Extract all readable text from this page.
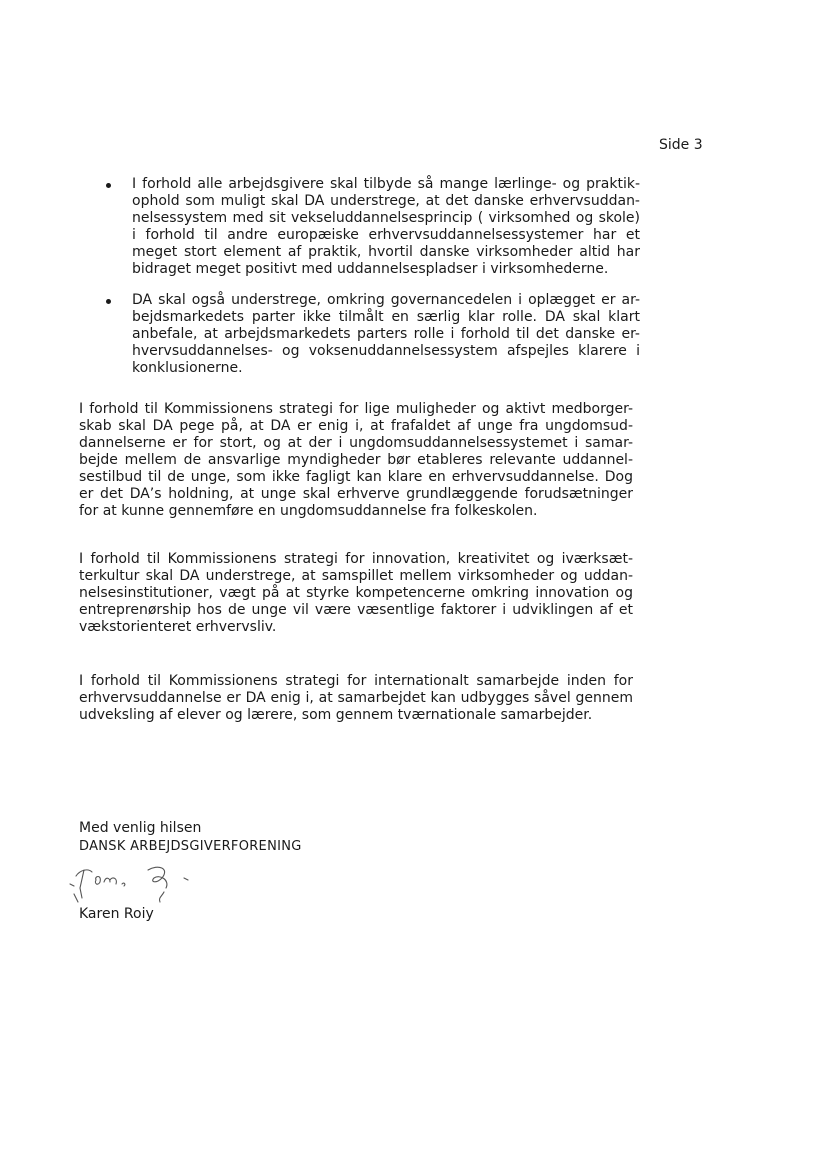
Side 3
I forhold alle arbejdsgivere skal tilbyde så mange lærlinge- og praktik-ophold som muligt skal DA understrege, at det danske erhvervsuddan-nelsessystem med sit vekseluddannelsesprincip ( virksomhed og skole) i forhold til andre europæiske erhvervsuddannelsessystemer har et meget stort element af praktik, hvortil danske virksomheder altid har bidraget meget positivt med uddannelsespladser i virksomhederne.
DA skal også understrege, omkring governancedelen i oplægget er ar-bejdsmarkedets parter ikke tilmålt en særlig klar rolle. DA skal klart anbefale, at arbejdsmarkedets parters rolle i forhold til det danske er-hvervsuddannelses- og voksenuddannelsessystem afspejles klarere i konklusionerne.

I forhold til Kommissionens strategi for lige muligheder og aktivt medborger-skab skal DA pege på, at DA er enig i, at frafaldet af unge fra ungdomsud-dannelserne er for stort, og at der i ungdomsuddannelsessystemet i samar-bejde mellem de ansvarlige myndigheder bør etableres relevante uddannel-sestilbud til de unge, som ikke fagligt kan klare en erhvervsuddannelse. Dog er det DA’s holdning, at unge skal erhverve grundlæggende forudsætninger for at kunne gennemføre en ungdomsuddannelse fra folkeskolen.

I forhold til Kommissionens strategi for innovation, kreativitet og iværksæt-terkultur skal DA understrege, at samspillet mellem virksomheder og uddan-nelsesinstitutioner, vægt på at styrke kompetencerne omkring innovation og entreprenørship hos de unge vil være væsentlige faktorer i udviklingen af et vækstorienteret erhvervsliv.

I forhold til Kommissionens strategi for internationalt samarbejde inden for erhvervsuddannelse er DA enig i, at samarbejdet kan udbygges såvel gennem udveksling af elever og lærere, som gennem tværnationale samarbejder.

Med venlig hilsen
DANSK ARBEJDSGIVERFORENING
Karen Roiy
